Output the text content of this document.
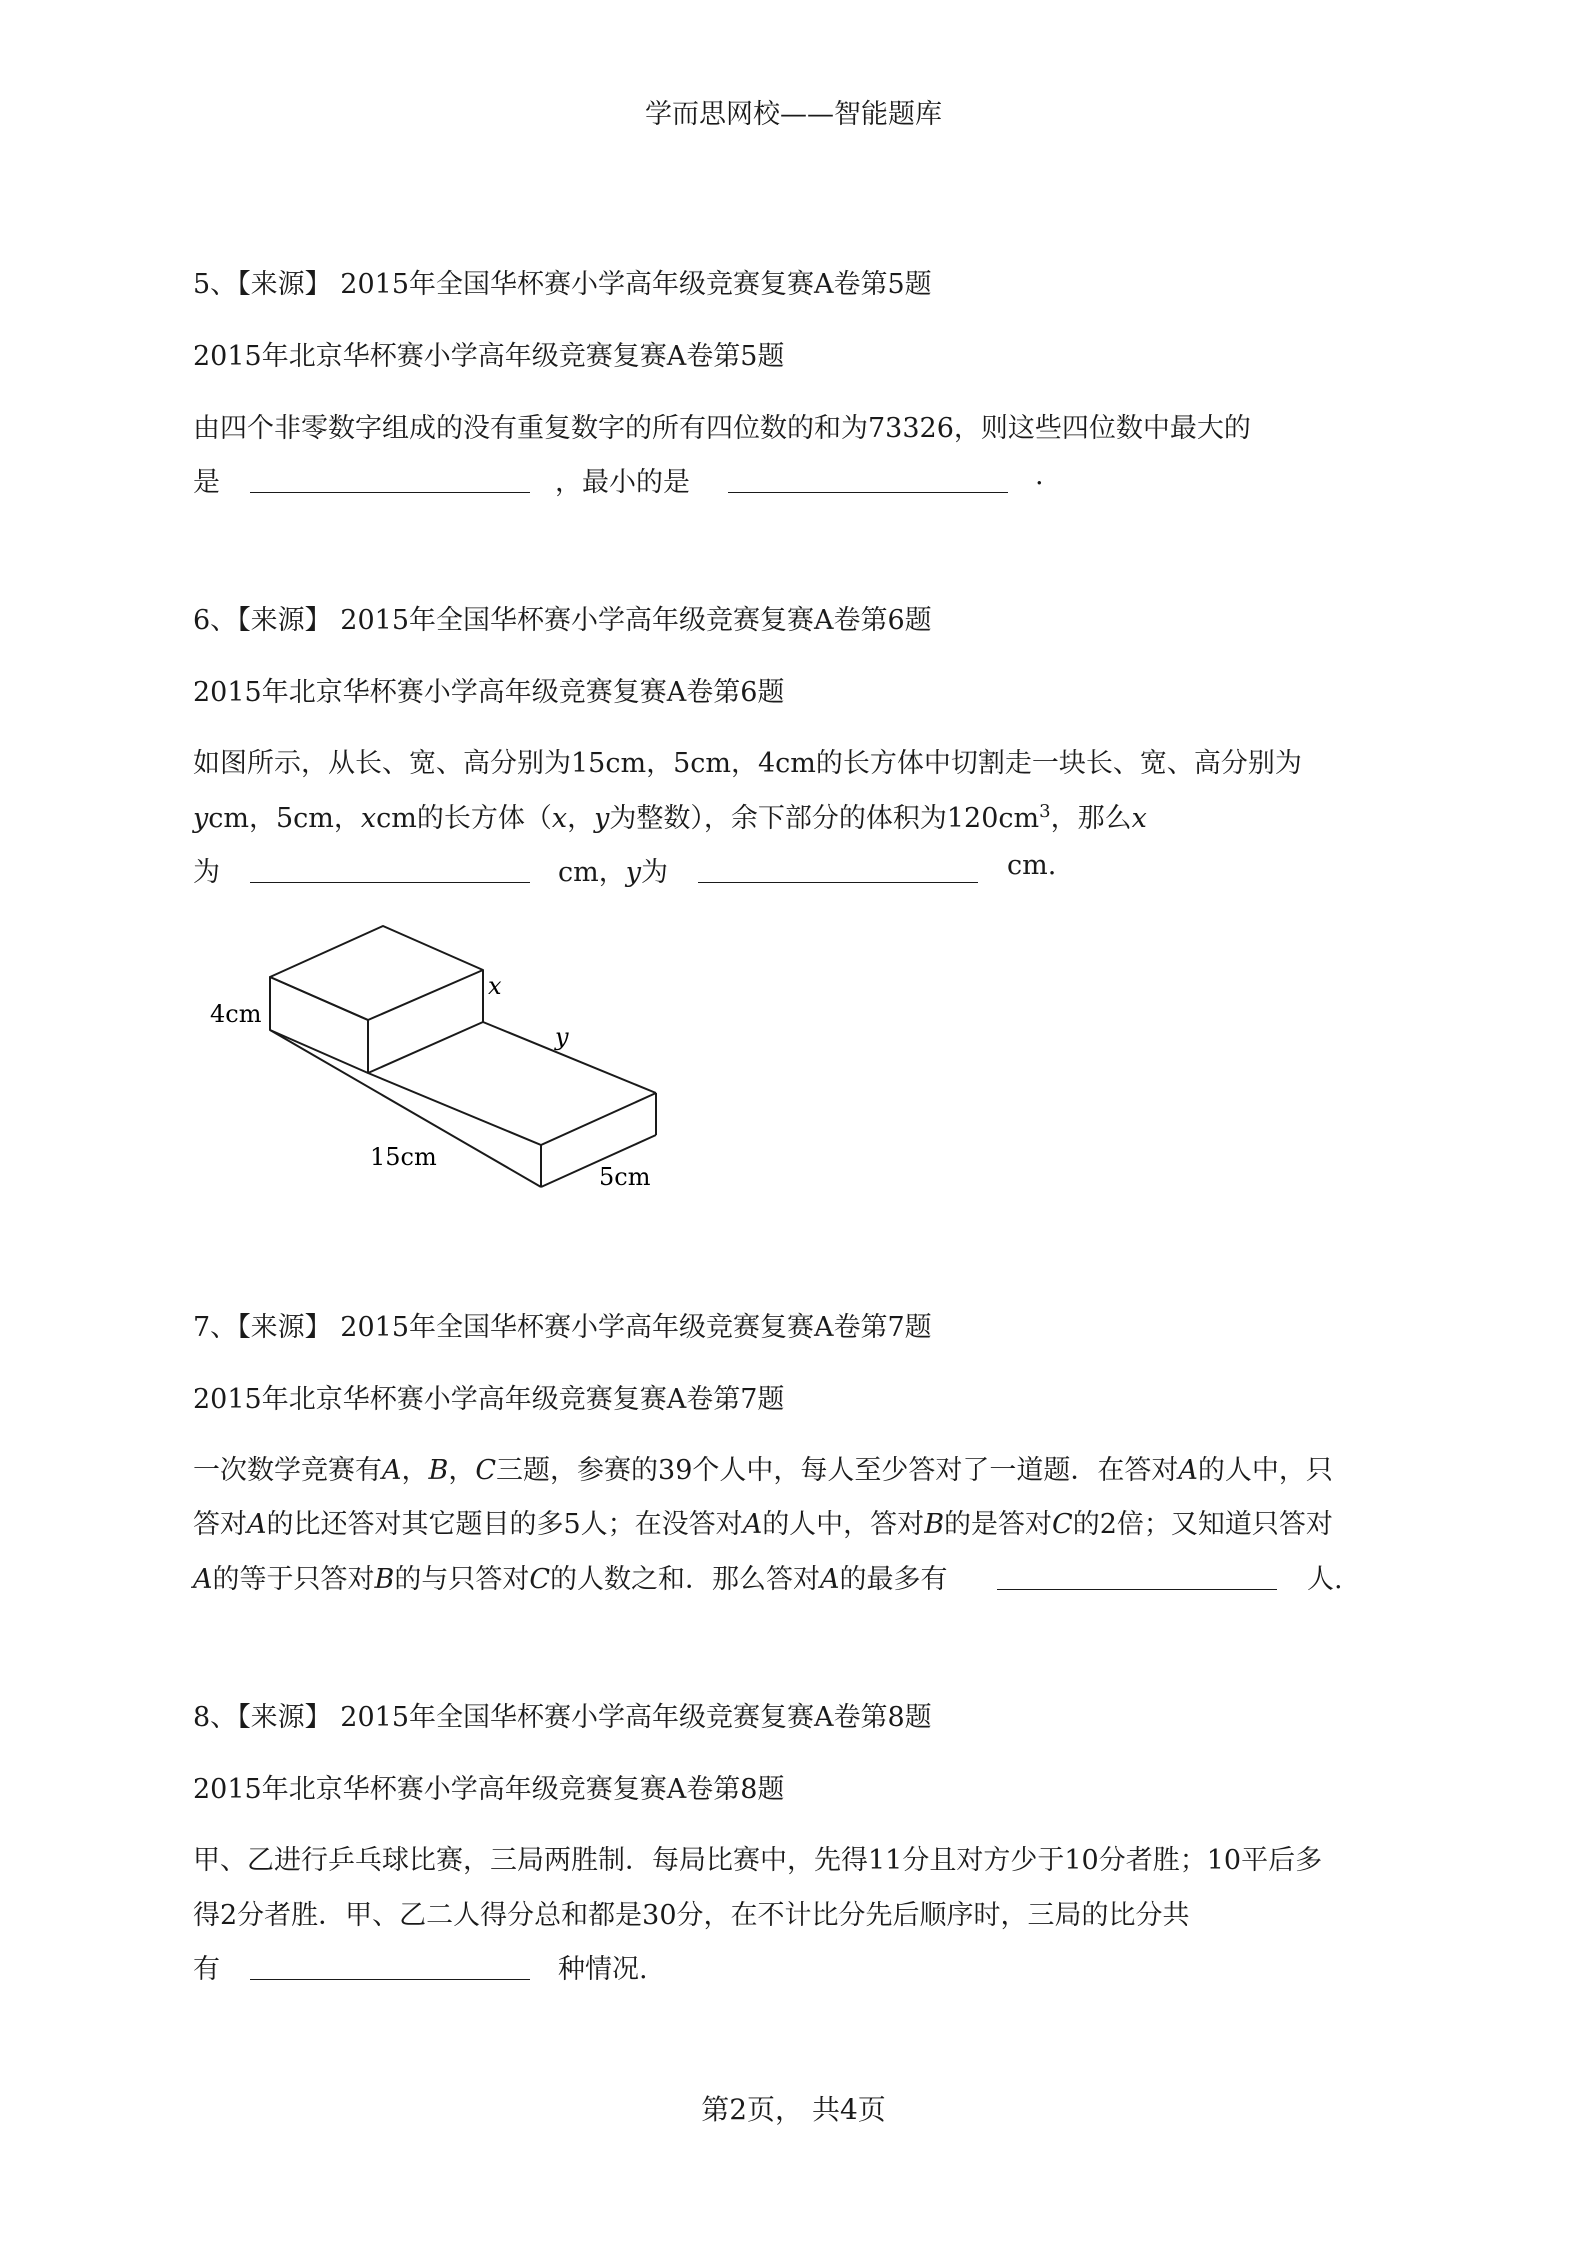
学而思网校——智能题库
5、【来源】 2015年全国华杯赛小学高年级竞赛复赛A卷第5题
2015年北京华杯赛小学高年级竞赛复赛A卷第5题
由四个非零数字组成的没有重复数字的所有四位数的和为73326，则这些四位数中最大的
是	，最小的是	.
6、【来源】 2015年全国华杯赛小学高年级竞赛复赛A卷第6题
2015年北京华杯赛小学高年级竞赛复赛A卷第6题
如图所示，从长、宽、高分别为15cm，5cm，4cm的长方体中切割走一块长、宽、高分别为
ycm，5cm，xcm的长方体（x，y为整数），余下部分的体积为$120cm^3$，那么x
为	cm，y为	cm.
4cm
x
y
15cm
5cm
7、【来源】 2015年全国华杯赛小学高年级竞赛复赛A卷第7题
2015年北京华杯赛小学高年级竞赛复赛A卷第7题
一次数学竞赛有A，B，C三题，参赛的39个人中，每人至少答对了一道题．在答对A的人中，只
答对A的比还答对其它题目的多5人；在没答对A的人中，答对B的是答对C的2倍；又知道只答对
A的等于只答对B的与只答对C的人数之和．那么答对A的最多有	人.
8、【来源】 2015年全国华杯赛小学高年级竞赛复赛A卷第8题
2015年北京华杯赛小学高年级竞赛复赛A卷第8题
甲、乙进行乒乓球比赛，三局两胜制．每局比赛中，先得11分且对方少于10分者胜；10平后多
得2分者胜．甲、乙二人得分总和都是30分，在不计比分先后顺序时，三局的比分共
有	种情况.
第2页， 共4页
